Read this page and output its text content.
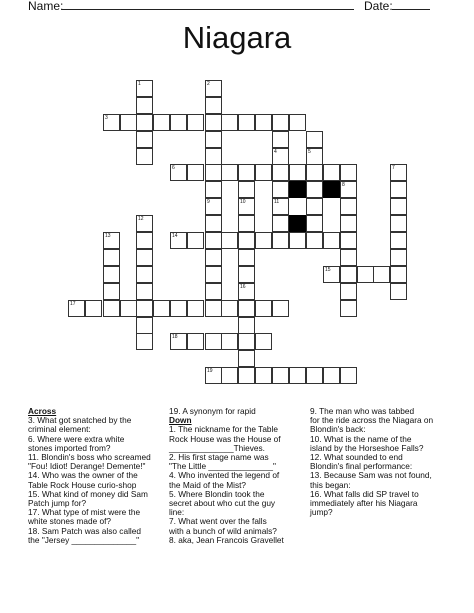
Name:	Date:
Niagara
1	2
3
4	5
6	7
8
9	10	11
12
13	14
15
16
17
18
19
Across
3. What got snatched by the
criminal element:
6. Where were extra white
stones imported from?
11. Blondin's boss who screamed
"Fou! Idiot! Derange! Demente!"
14. Who was the owner of the
Table Rock House curio-shop
15. What kind of money did Sam
Patch jump for?
17. What type of mist were the
white stones made of?
18. Sam Patch was also called
the "Jersey ______________"
19. A synonym for rapid
Down
1. The nickname for the Table
Rock House was the House of
______________Thieves.
2. His first stage name was
"The Little ______________"
4. Who invented the legend of
the Maid of the Mist?
5. Where Blondin took the
secret about who cut the guy
line:
7. What went over the falls
with a bunch of wild animals?
8. aka, Jean Francois Gravellet
9. The man who was tabbed
for the ride across the Niagara on
Blondin's back:
10. What is the name of the
island by the Horseshoe Falls?
12. What sounded to end
Blondin's final performance:
13. Because Sam was not found,
this began:
16. What falls did SP travel to
immediately after his Niagara
jump?
